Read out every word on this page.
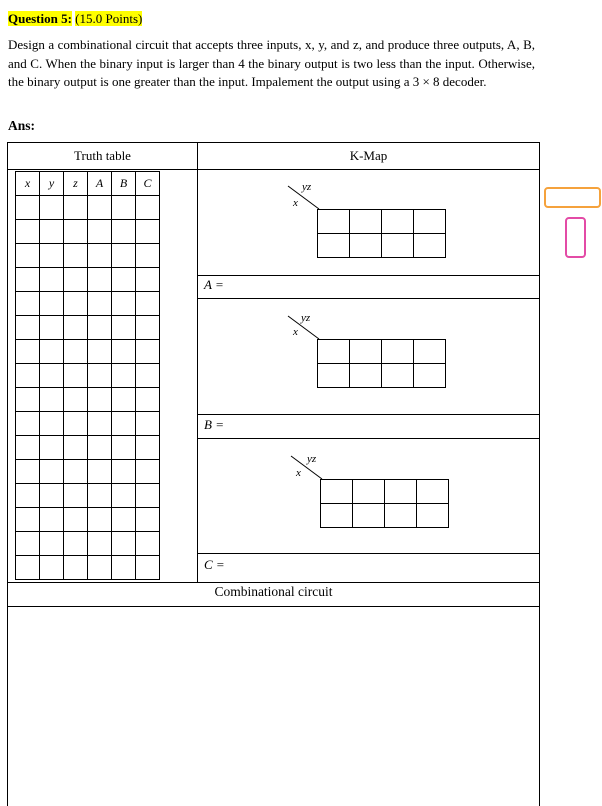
Question 5: (15.0 Points)
Design a combinational circuit that accepts three inputs, x, y, and z, and produce three outputs, A, B, and C. When the binary input is larger than 4 the binary output is two less than the input. Otherwise, the binary output is one greater than the input. Impalement the output using a 3 × 8 decoder.
Ans:
Truth table	K-Map
Combinational circuit
x	y	z	A	B	C

						yz
x

A =
yz
x

B =
yz
x

C =
